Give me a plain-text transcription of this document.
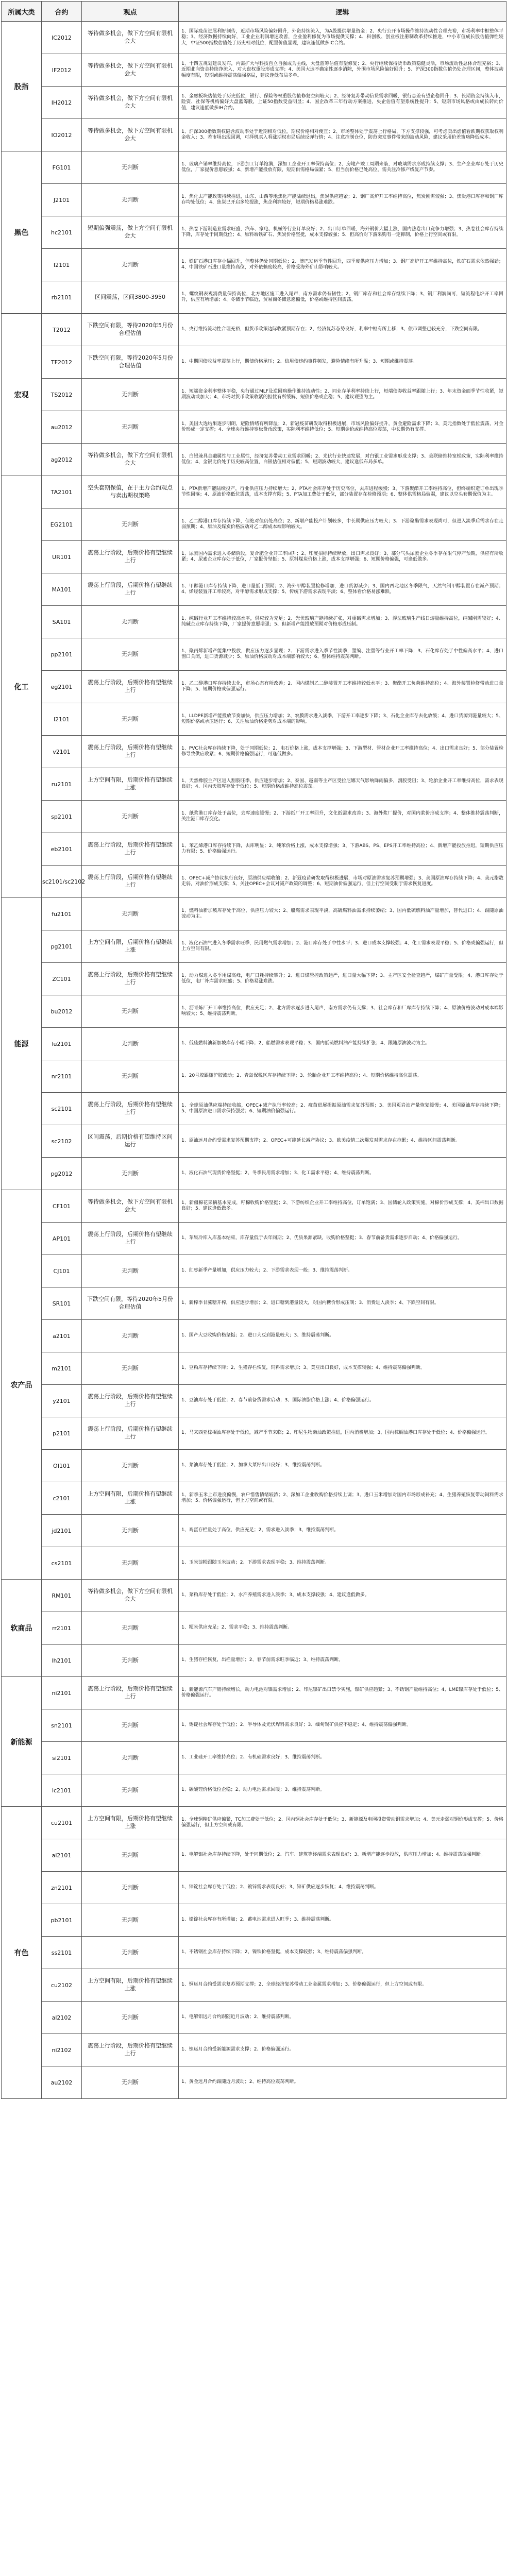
所属大类	合约	观点	逻辑
股指	IC2012	等待做多机会，做下方空间有限机会大	1、国际疫苗进展利好频传，近期市场风险偏好回升，外资持续流入，为A股提供增量资金；2、央行公开市场操作维持流动性合理充裕，市场利率中枢整体平稳；3、经济数据持续向好，工业企业利润增速改善，企业盈利修复为市场提供支撑；4、科创板、创业板注册制改革持续推进，中小市值成长股估值弹性较大，中证500指数估值处于历史相对低位，配置价值显现，建议逢低做多IC合约。
	IF2012	等待做多机会，做下方空间有限机会大	1、十四五规划建议发布，内需扩大与科技自立自强成为主线，大盘蓝筹估值有望修复；2、央行继续保持货币政策稳健灵活，市场流动性总体合理充裕；3、近期北向资金持续净流入，对大盘权重股形成支撑；4、美国大选不确定性逐步消除，外围市场风险偏好回升；5、沪深300指数估值仍处合理区间，整体波动幅度有限，短期或维持震荡偏强格局，建议逢低布局多单。
	IH2012	等待做多机会，做下方空间有限机会大	1、金融板块估值处于历史低位，银行、保险等权重股估值修复空间较大；2、经济复苏带动信贷需求回暖，银行息差有望企稳回升；3、长期资金持续入市，险资、社保等机构偏好大盘蓝筹股，上证50指数受益明显；4、国企改革三年行动方案推进，央企估值有望系统性提升；5、短期市场风格或由成长转向价值，建议逢低做多IH合约。
	IO2012	等待做多机会，做下方空间有限机会大	1、沪深300指数期权隐含波动率处于近期相对低位，期权价格相对便宜；2、市场整体处于震荡上行格局，下方支撑较强，可考虑卖出虚值看跌期权获取权利金收入；3、若市场出现回调，可择机买入看涨期权布局后续反弹行情；4、注意控制仓位，防范突发事件带来的波动风险，建议采用价差策略降低成本。
黑色	FG101	无判断	1、玻璃产销率维持高位，下游加工订单饱满，深加工企业开工率保持高位；2、房地产竣工周期来临，对玻璃需求形成持续支撑；3、生产企业库存处于历史低位，厂家提价意愿较强；4、新增产能投放有限，短期供需格局偏紧；5、但当前价格已处高位，需关注冷修产线复产节奏。
	J2101	无判断	1、焦化去产能政策持续推进，山东、山西等地焦化产能陆续退出，焦炭供应趋紧；2、钢厂高炉开工率维持高位，焦炭刚需较强；3、焦炭港口库存和钢厂库存均处低位；4、焦炭已开启多轮提涨，焦企利润较好，短期价格易涨难跌。
	hc2101	短期偏强震荡，做上方空间有限机会大	1、热卷下游制造业需求旺盛，汽车、家电、机械等行业订单良好；2、出口订单回暖，海外钢价大幅上涨，国内热卷出口竞争力增强；3、热卷社会库存持续下降，库存处于同期低位；4、原料端铁矿石、焦炭价格坚挺，成本支撑较强；5、但高价对下游采购有一定抑制，价格上行空间或有限。
	I2101	无判断	1、铁矿石港口库存小幅回升，但整体仍处同期低位；2、澳巴发运季节性回升，四季度供应压力增加；3、钢厂高炉开工率维持高位，铁矿石需求依然强劲；4、中国铁矿石进口量维持高位，对外依赖度较高，价格受海外矿山影响较大。
	rb2101	区间震荡，区间3800-3950	1、螺纹钢表观消费量保持高位，北方地区施工进入尾声，南方需求仍有韧性；2、钢厂库存和社会库存继续下降；3、钢厂利润尚可，短流程电炉开工率回升，供应有所增加；4、冬储季节临近，贸易商冬储意愿偏低，价格或维持区间震荡。
宏观	T2012	下跌空间有限，等待2020年5月份合理估值	1、央行维持流动性合理充裕，但货币政策边际收紧预期存在；2、经济复苏态势良好，利率中枢有所上移；3、债市调整已较充分，下跌空间有限。
	TF2012	下跌空间有限，等待2020年5月份合理估值	1、中期国债收益率震荡上行，期债价格承压；2、信用债违约事件频发，避险情绪有所升温；3、短期或维持震荡。
	TS2012	无判断	1、短端资金利率整体平稳，央行通过MLF及逆回购操作维持流动性；2、同业存单利率持续上行，短端债券收益率跟随上行；3、年末资金面季节性收紧，短期波动或加大；4、市场对货币政策收紧的担忧有所缓解，短债价格或企稳；5、建议观望为主。
	au2012	无判断	1、美国大选结果逐步明朗，避险情绪有所降温；2、新冠疫苗研发取得积极进展，市场风险偏好提升，黄金避险需求下降；3、美元指数处于低位震荡，对金价形成一定支撑；4、全球央行维持宽松货币政策，实际利率维持低位；5、短期金价或维持高位震荡，中长期仍有支撑。
	ag2012	等待做多机会，做下方空间有限机会大	1、白银兼具金融属性与工业属性，经济复苏带动工业需求回暖；2、光伏行业快速发展，对白银工业需求形成支撑；3、美联储维持宽松政策，实际利率维持低位；4、金银比价处于历史较高位置，白银估值相对偏低；5、短期波动较大，建议逢低布局多单。
化工	TA2101	空头套期保值，在于主力合约观点与卖出期权策略	1、PTA新增产能陆续投产，行业供应压力持续增大；2、PTA社会库存处于历史高位，去库进程缓慢；3、下游聚酯开工率维持高位，但终端织造订单出现季节性回落；4、原油价格低位震荡，成本支撑有限；5、PTA加工费处于低位，部分装置存在检修预期；6、整体供需格局偏弱，建议以空头套期保值为主。
	EG2101	无判断	1、乙二醇港口库存持续下降，但绝对值仍处高位；2、新增产能投产计划较多，中长期供应压力较大；3、下游聚酯需求表现尚可，但进入淡季后需求存在走弱预期；4、原油及煤炭价格波动对乙二醇成本端影响较大。
	UR101	震荡上行阶段，后期价格有望继续上行	1、尿素国内需求进入冬储阶段，复合肥企业开工率回升；2、印度招标持续释放，出口需求良好；3、部分气头尿素企业冬季存在限气停产预期，供应有所收紧；4、尿素企业库存处于低位，厂家报价坚挺；5、原料煤炭价格上涨，成本支撑增强；6、短期价格偏强，可逢低做多。
	MA101	震荡上行阶段，后期价格有望继续上行	1、甲醇港口库存持续下降，进口量低于预期；2、海外甲醇装置检修增加，进口货源减少；3、国内西北地区冬季限气，天然气制甲醇装置存在减产预期；4、烯烃装置开工率较高，对甲醇需求形成支撑；5、传统下游需求表现平淡；6、整体看价格易涨难跌。
	SA101	无判断	1、纯碱行业开工率维持较高水平，供应较为充足；2、光伏玻璃产能持续扩张，对重碱需求增加；3、浮法玻璃生产线日熔量维持高位，纯碱刚需较好；4、纯碱企业库存持续下降，厂家提价意愿增强；5、但新增产能投放预期对价格形成压制。
	pp2101	无判断	1、聚丙烯新增产能集中投放，供应压力逐步显现；2、下游需求进入季节性淡季，塑编、注塑等行业开工率下降；3、石化库存处于中性偏高水平；4、进口窗口关闭，进口货源减少；5、原油价格波动对成本端影响较大；6、整体维持震荡判断。
	eg2101	震荡上行阶段，后期价格有望继续上行	1、乙二醇港口库存持续去化，市场心态有所改善；2、国内煤制乙二醇装置开工率维持较低水平；3、聚酯开工负荷维持高位；4、海外装置检修带动进口量下降；5、短期价格或偏强运行。
	l2101	无判断	1、LLDPE新增产能投放节奏加快，供应压力增加；2、农膜需求进入淡季，下游开工率逐步下降；3、石化企业库存去化放缓；4、进口货源到港量较大；5、短期价格或承压运行；6、关注原油价格走势对成本端的影响。
	v2101	震荡上行阶段，后期价格有望继续上行	1、PVC社会库存持续下降，处于同期低位；2、电石价格上涨，成本支撑增强；3、下游型材、管材企业开工率维持高位；4、出口需求良好；5、部分装置检修导致供应收紧；6、短期价格偏强运行，可逢低做多。
	ru2101	上方空间有限，后期价格有望继续上涨	1、天然橡胶主产区进入割胶旺季，供应逐步增加；2、泰国、越南等主产区受拉尼娜天气影响降雨偏多，割胶受阻；3、轮胎企业开工率维持高位，需求表现良好；4、国内天胶库存处于低位；5、短期价格或维持高位震荡。
	sp2101	无判断	1、纸浆港口库存处于高位，去库速度缓慢；2、下游纸厂开工率回升，文化纸需求改善；3、海外浆厂提价，对国内浆价形成支撑；4、整体维持震荡判断，关注港口库存变化。
	eb2101	震荡上行阶段，后期价格有望继续上行	1、苯乙烯港口库存持续下降，去库明显；2、纯苯价格上涨，成本支撑增强；3、下游ABS、PS、EPS开工率维持高位；4、新增产能投放推迟，短期供应压力有限；5、价格偏强运行。
	sc2101/sc2102	震荡上行阶段，后期价格有望继续上行	1、OPEC+减产协议执行良好，原油供应端收缩；2、新冠疫苗研发取得积极进展，市场对原油需求复苏预期增强；3、美国原油库存持续下降；4、美元指数走弱，对油价形成支撑；5、关注OPEC+会议对减产政策的调整；6、短期油价偏强运行，但上行空间受制于需求恢复进度。
能源	fu2101	无判断	1、燃料油新加坡库存处于高位，供应压力较大；2、船燃需求表现平淡，高硫燃料油需求持续萎缩；3、国内低硫燃料油产量增加，替代进口；4、跟随原油波动为主。
	pg2101	上方空间有限，后期价格有望继续上涨	1、液化石油气进入冬季需求旺季，民用燃气需求增加；2、港口库存处于中性水平；3、进口成本支撑较强；4、化工需求表现平稳；5、价格或偏强运行，但上方空间有限。
	ZC101	震荡上行阶段，后期价格有望继续上行	1、动力煤进入冬季用煤高峰，电厂日耗持续攀升；2、进口煤管控政策趋严，进口量大幅下降；3、主产区安全检查趋严，煤矿产量受限；4、港口库存处于低位，电厂补库需求旺盛；5、价格易涨难跌。
	bu2012	无判断	1、沥青炼厂开工率维持高位，供应充足；2、北方需求逐步进入尾声，南方需求仍有支撑；3、社会库存和厂库库存持续下降；4、原油价格波动对成本端影响较大；5、维持震荡判断。
	lu2101	无判断	1、低硫燃料油新加坡库存小幅下降；2、船燃需求表现平稳；3、国内低硫燃料油产能持续扩张；4、跟随原油波动为主。
	nr2101	无判断	1、20号胶跟随沪胶波动；2、青岛保税区库存持续下降；3、轮胎企业开工率维持高位；4、短期价格维持高位震荡。
	sc2101	震荡上行阶段，后期价格有望继续上行	1、全球原油供应端持续收缩，OPEC+减产执行率较高；2、疫苗进展提振原油需求复苏预期；3、美国页岩油产量恢复缓慢；4、美国原油库存持续下降；5、中国原油进口需求保持强劲；6、短期油价偏强运行。
	sc2102	区间震荡，后期价格有望维持区间运行	1、原油远月合约受需求复苏预期支撑；2、OPEC+可能延长减产协议；3、欧美疫情二次爆发对需求存在拖累；4、维持区间震荡判断。
	pg2012	无判断	1、液化石油气现货价格坚挺；2、冬季民用需求增加；3、化工需求平稳；4、维持震荡判断。
农产品	CF101	等待做多机会，做下方空间有限机会大	1、新疆棉花采摘基本完成，籽棉收购价格坚挺；2、下游纺织企业开工率维持高位，订单饱满；3、国储轮入政策实施，对棉价形成支撑；4、美棉出口数据良好；5、建议逢低做多。
	AP101	震荡上行阶段，后期价格有望继续上行	1、苹果冷库入库基本结束，库存量低于去年同期；2、优质果源紧缺，收购价格坚挺；3、春节前备货需求逐步启动；4、价格偏强运行。
	CJ101	无判断	1、红枣新季产量增加，供应压力较大；2、下游需求表现一般；3、维持震荡判断。
	SR101	下跌空间有限，等待2020年5月份合理估值	1、新榨季甘蔗糖开榨，供应逐步增加；2、进口糖到港量较大，对国内糖价形成压制；3、消费进入淡季；4、下跌空间有限。
	a2101	无判断	1、国产大豆收购价格坚挺；2、进口大豆到港量较大；3、维持震荡判断。
	m2101	无判断	1、豆粕库存持续下降；2、生猪存栏恢复，饲料需求增加；3、美豆出口良好，成本支撑较强；4、维持震荡偏强判断。
	y2101	震荡上行阶段，后期价格有望继续上行	1、豆油库存处于低位；2、春节前备货需求启动；3、国际油脂价格上涨；4、价格偏强运行。
	p2101	震荡上行阶段，后期价格有望继续上行	1、马来西亚棕榈油库存处于低位，减产季节来临；2、印尼生物柴油政策推进，国内消费增加；3、国内棕榈油港口库存处于低位；4、价格偏强运行。
	OI101	无判断	1、菜油库存处于低位；2、加拿大菜籽出口良好；3、维持震荡判断。
	c2101	上方空间有限，后期价格有望继续上涨	1、新季玉米上市进度偏慢，农户惜售情绪较浓；2、深加工企业收购价格持续上调；3、进口玉米增加对国内市场形成补充；4、生猪养殖恢复带动饲料需求增加；5、价格偏强运行，但上方空间或有限。
	jd2101	无判断	1、鸡蛋存栏量处于高位，供应充足；2、需求进入淡季；3、维持震荡判断。
	cs2101	无判断	1、玉米淀粉跟随玉米波动；2、下游需求表现平稳；3、维持震荡判断。
软商品	RM101	等待做多机会，做下方空间有限机会大	1、菜粕库存处于低位；2、水产养殖需求进入淡季；3、成本支撑较强；4、建议逢低做多。
	rr2101	无判断	1、粳米供应充足；2、需求平稳；3、维持震荡判断。
	lh2101	无判断	1、生猪存栏恢复，出栏量增加；2、春节前需求旺季临近；3、维持震荡判断。
新能源	ni2101	震荡上行阶段，后期价格有望继续上行	1、新能源汽车产销持续增长，动力电池对镍需求增加；2、印尼镍矿出口禁令实施，镍矿供应趋紧；3、不锈钢产量维持高位；4、LME镍库存处于低位；5、价格偏强运行。
	sn2101	无判断	1、锡锭社会库存处于低位；2、半导体及光伏焊料需求良好；3、缅甸锡矿供应不稳定；4、维持震荡偏强判断。
	si2101	无判断	1、工业硅开工率维持高位；2、有机硅需求良好；3、维持震荡判断。
	lc2101	无判断	1、碳酸锂价格低位企稳；2、动力电池需求回暖；3、维持震荡判断。
有色	cu2101	上方空间有限，后期价格有望继续上涨	1、全球铜精矿供应偏紧，TC加工费处于低位；2、国内铜社会库存处于低位；3、新能源及电网投资带动铜需求增加；4、美元走弱对铜价形成支撑；5、价格偏强运行，但上方空间或有限。
	al2101	无判断	1、电解铝社会库存持续下降，处于同期低位；2、汽车、建筑等终端需求表现良好；3、新增产能逐步投放，供应压力增加；4、维持震荡偏强判断。
	zn2101	无判断	1、锌锭社会库存处于低位；2、镀锌需求表现良好；3、锌矿供应逐步恢复；4、维持震荡判断。
	pb2101	无判断	1、铅锭社会库存有所增加；2、蓄电池需求进入旺季；3、维持震荡判断。
	ss2101	无判断	1、不锈钢社会库存持续下降；2、镍铁价格坚挺，成本支撑较强；3、维持震荡偏强判断。
	cu2102	上方空间有限，后期价格有望继续上涨	1、铜远月合约受需求复苏预期支撑；2、全球经济复苏带动工业金属需求增加；3、价格偏强运行，但上方空间或有限。
	al2102	无判断	1、电解铝远月合约跟随近月波动；2、维持震荡判断。
	ni2102	震荡上行阶段，后期价格有望继续上行	1、镍远月合约受新能源需求支撑；2、价格偏强运行。
	au2102	无判断	1、黄金远月合约跟随近月波动；2、维持高位震荡判断。
